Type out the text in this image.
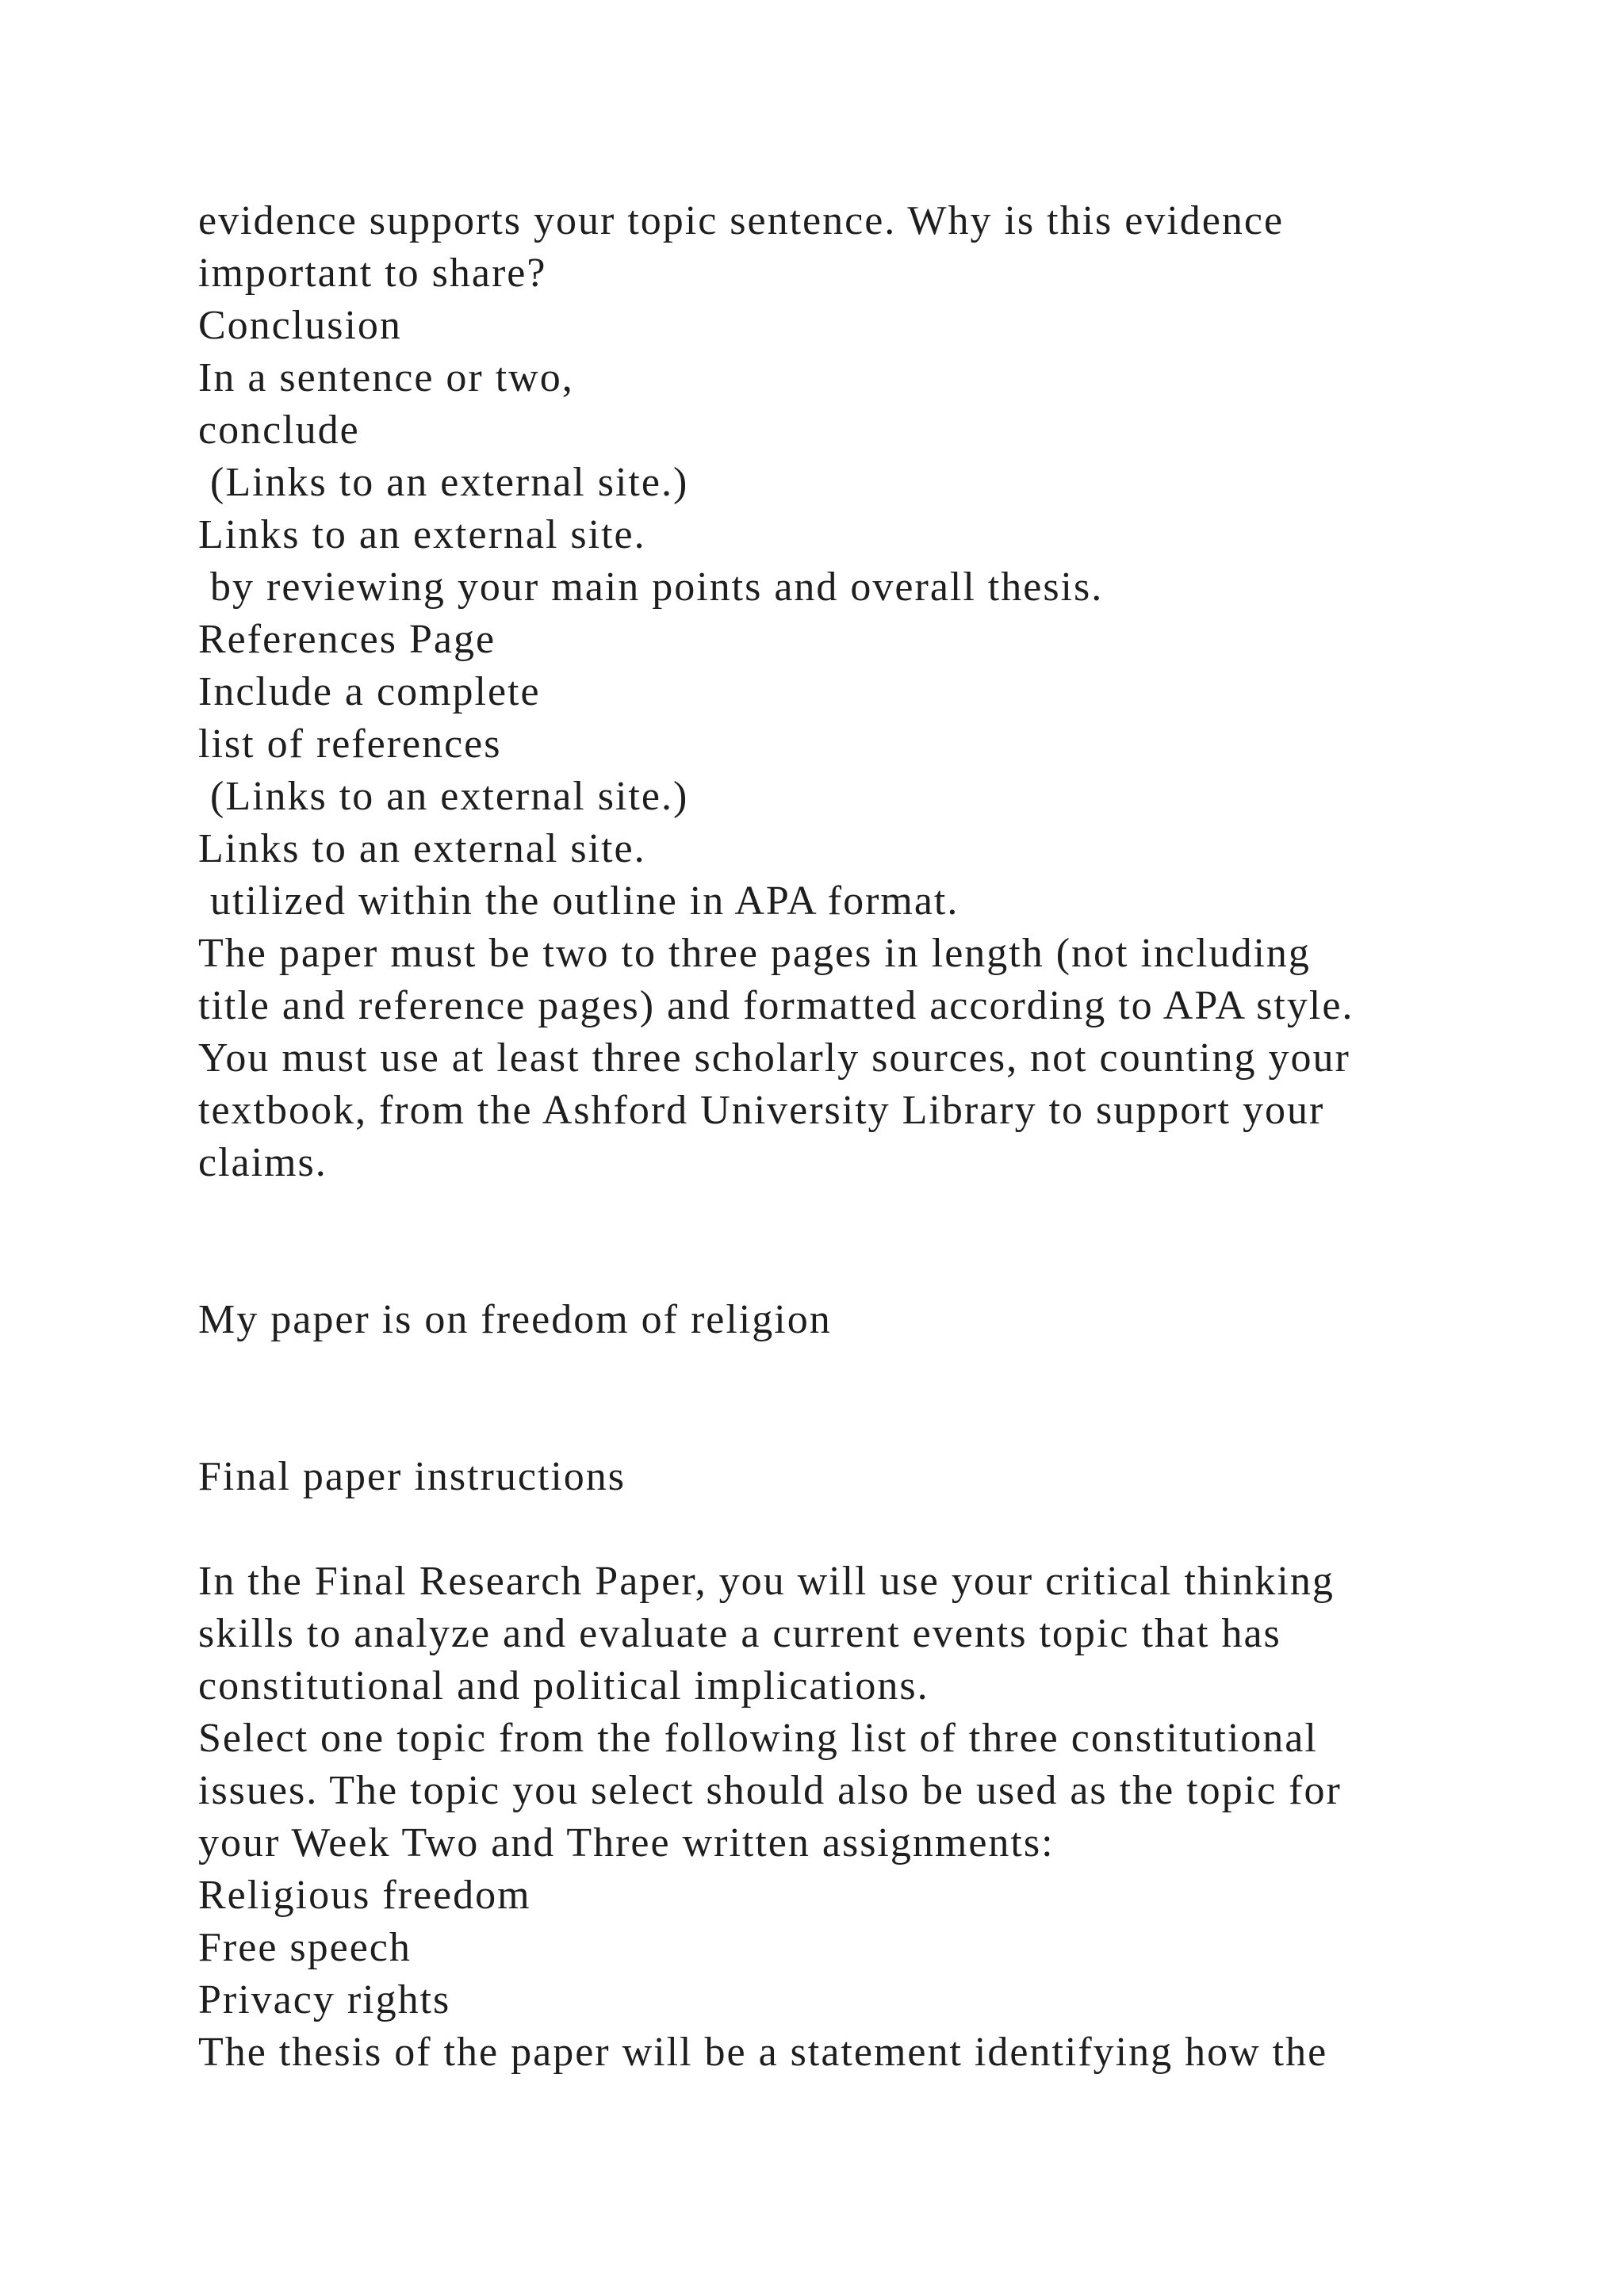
evidence supports your topic sentence. Why is this evidence
important to share?
Conclusion
In a sentence or two,
conclude
(Links to an external site.)
Links to an external site.
by reviewing your main points and overall thesis.
References Page
Include a complete
list of references
(Links to an external site.)
Links to an external site.
utilized within the outline in APA format.
The paper must be two to three pages in length (not including
title and reference pages) and formatted according to APA style.
You must use at least three scholarly sources, not counting your
textbook, from the Ashford University Library to support your
claims.
My paper is on freedom of religion
Final paper instructions
In the Final Research Paper, you will use your critical thinking
skills to analyze and evaluate a current events topic that has
constitutional and political implications.
Select one topic from the following list of three constitutional
issues. The topic you select should also be used as the topic for
your Week Two and Three written assignments:
Religious freedom
Free speech
Privacy rights
The thesis of the paper will be a statement identifying how the
